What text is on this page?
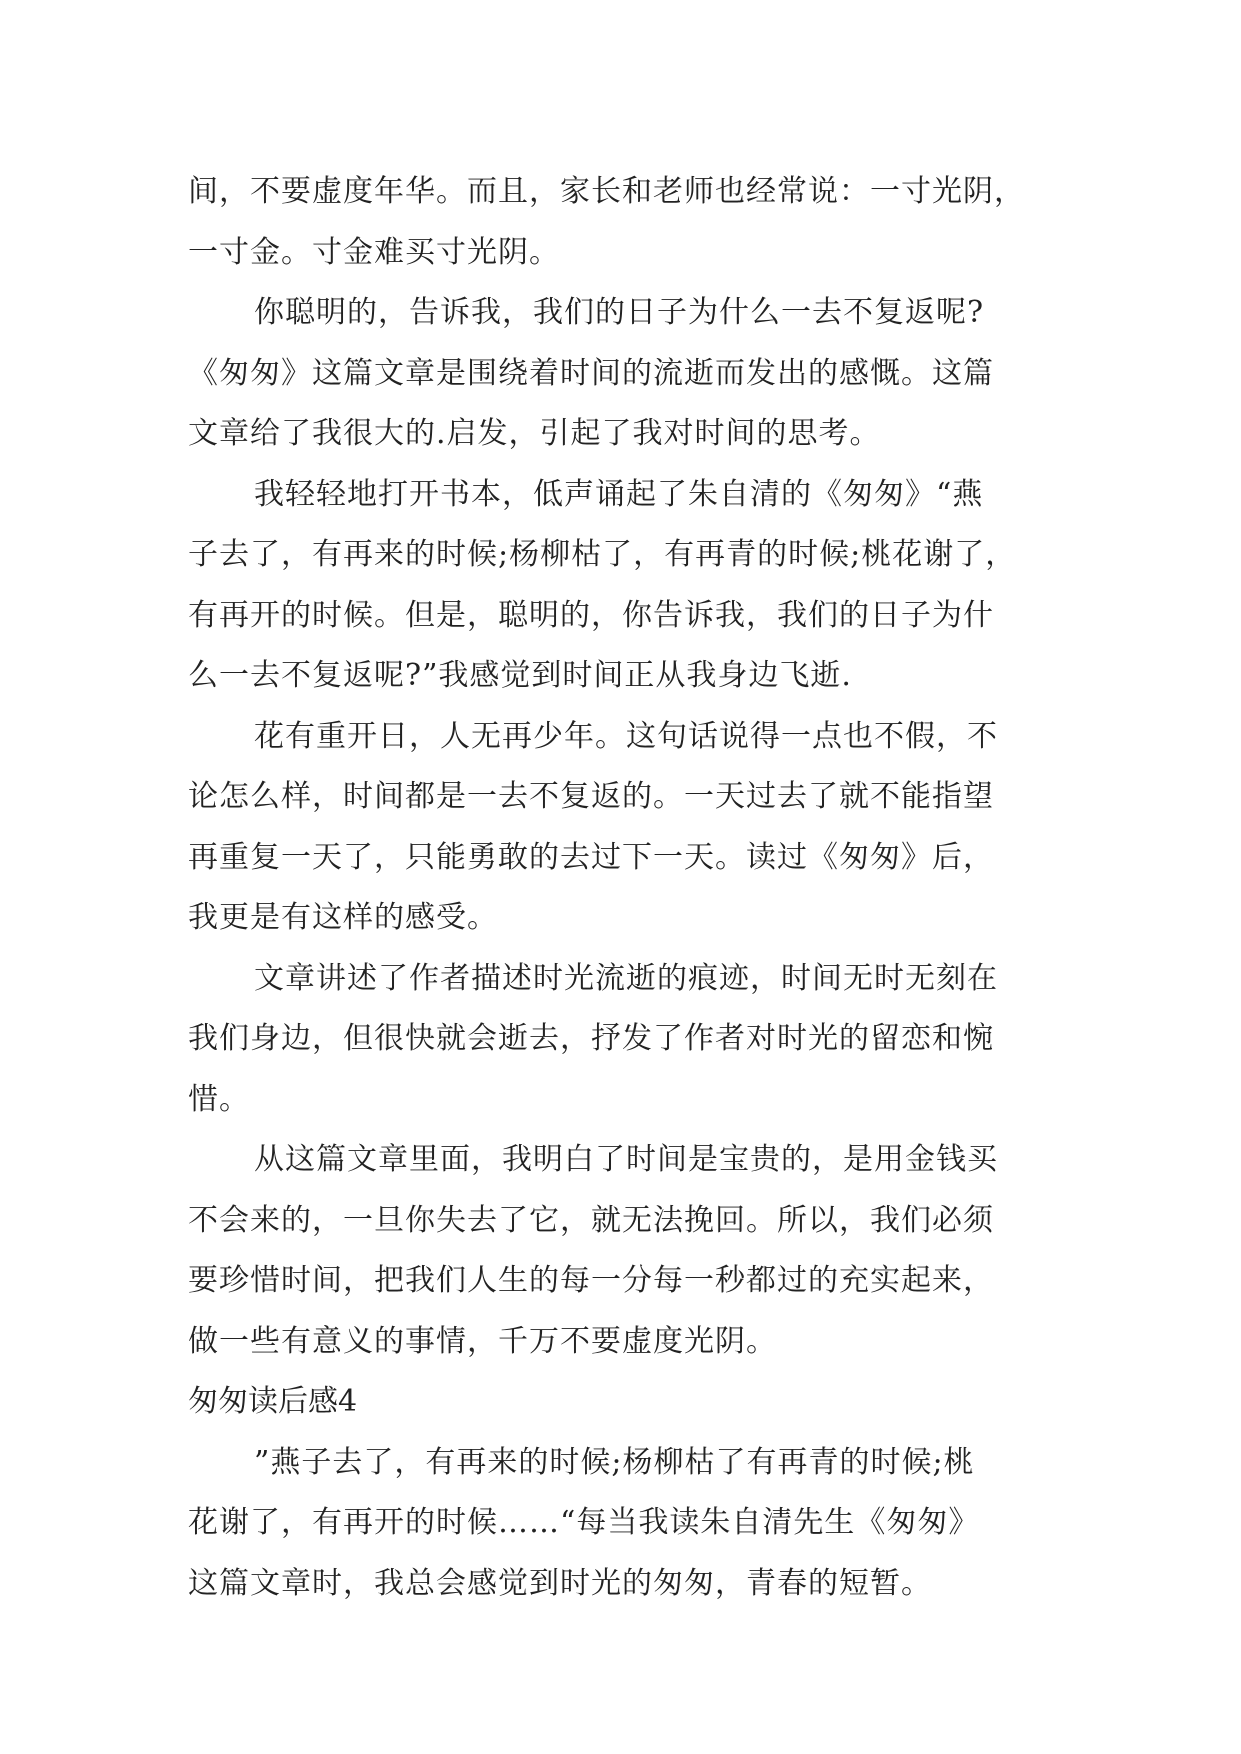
间，不要虚度年华。而且，家长和老师也经常说：一寸光阴，
一寸金。寸金难买寸光阴。
你聪明的，告诉我，我们的日子为什么一去不复返呢?
《匆匆》这篇文章是围绕着时间的流逝而发出的感慨。这篇
文章给了我很大的.启发，引起了我对时间的思考。
我轻轻地打开书本，低声诵起了朱自清的《匆匆》“燕
子去了，有再来的时候;杨柳枯了，有再青的时候;桃花谢了，
有再开的时候。但是，聪明的，你告诉我，我们的日子为什
么一去不复返呢?”我感觉到时间正从我身边飞逝.
花有重开日，人无再少年。这句话说得一点也不假，不
论怎么样，时间都是一去不复返的。一天过去了就不能指望
再重复一天了，只能勇敢的去过下一天。读过《匆匆》后，
我更是有这样的感受。
文章讲述了作者描述时光流逝的痕迹，时间无时无刻在
我们身边，但很快就会逝去，抒发了作者对时光的留恋和惋
惜。
从这篇文章里面，我明白了时间是宝贵的，是用金钱买
不会来的，一旦你失去了它，就无法挽回。所以，我们必须
要珍惜时间，把我们人生的每一分每一秒都过的充实起来，
做一些有意义的事情，千万不要虚度光阴。
匆匆读后感4
”燕子去了，有再来的时候;杨柳枯了有再青的时候;桃
花谢了，有再开的时候……“每当我读朱自清先生《匆匆》
这篇文章时，我总会感觉到时光的匆匆，青春的短暂。
